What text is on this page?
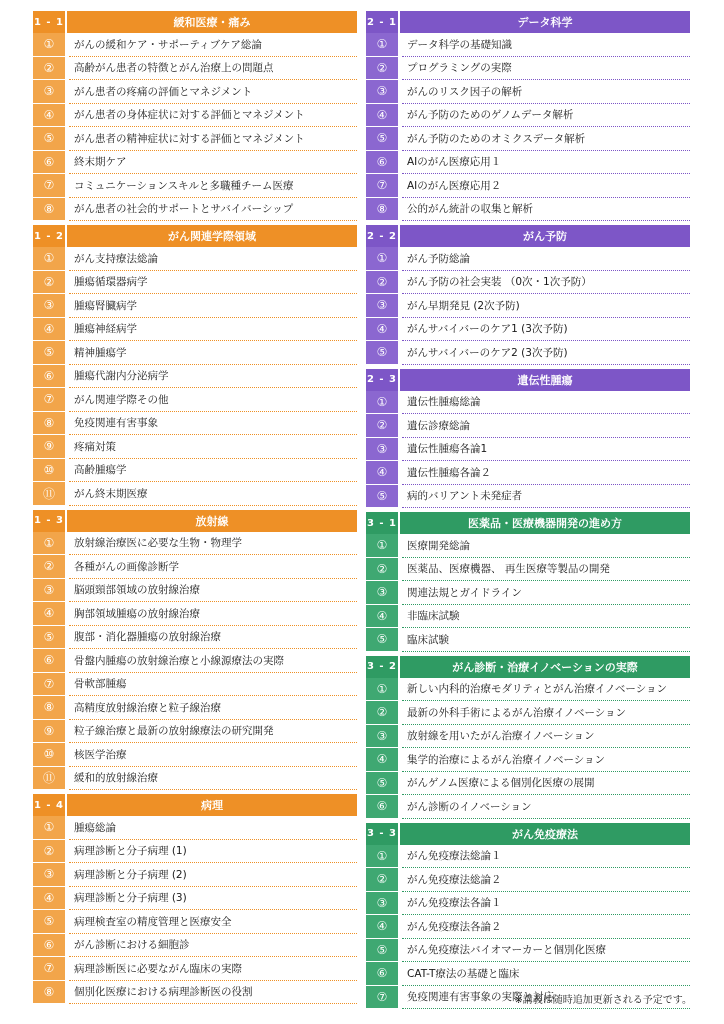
1 - 1	緩和医療・痛み
①	がんの緩和ケア・サポーティブケア総論
②	高齢がん患者の特徴とがん治療上の問題点
③	がん患者の疼痛の評価とマネジメント
④	がん患者の身体症状に対する評価とマネジメント
⑤	がん患者の精神症状に対する評価とマネジメント
⑥	終末期ケア
⑦	コミュニケーションスキルと多職種チーム医療
⑧	がん患者の社会的サポートとサバイバーシップ
1 - 2	がん関連学際領域
①	がん支持療法総論
②	腫瘍循環器病学
③	腫瘍腎臓病学
④	腫瘍神経病学
⑤	精神腫瘍学
⑥	腫瘍代謝内分泌病学
⑦	がん関連学際その他
⑧	免疫関連有害事象
⑨	疼痛対策
⑩	高齢腫瘍学
⑪	がん終末期医療
1 - 3	放射線
①	放射線治療医に必要な生物・物理学
②	各種がんの画像診断学
③	脳頭頸部領域の放射線治療
④	胸部領域腫瘍の放射線治療
⑤	腹部・消化器腫瘍の放射線治療
⑥	骨盤内腫瘍の放射線治療と小線源療法の実際
⑦	骨軟部腫瘍
⑧	高精度放射線治療と粒子線治療
⑨	粒子線治療と最新の放射線療法の研究開発
⑩	核医学治療
⑪	緩和的放射線治療
1 - 4	病理
①	腫瘍総論
②	病理診断と分子病理 (1)
③	病理診断と分子病理 (2)
④	病理診断と分子病理 (3)
⑤	病理検査室の精度管理と医療安全
⑥	がん診断における細胞診
⑦	病理診断医に必要ながん臨床の実際
⑧	個別化医療における病理診断医の役割
2 - 1	データ科学
①	データ科学の基礎知識
②	プログラミングの実際
③	がんのリスク因子の解析
④	がん予防のためのゲノムデータ解析
⑤	がん予防のためのオミクスデータ解析
⑥	AIのがん医療応用１
⑦	AIのがん医療応用２
⑧	公的がん統計の収集と解析
2 - 2	がん予防
①	がん予防総論
②	がん予防の社会実装 （0次・1次予防）
③	がん早期発見 (2次予防)
④	がんサバイバーのケア1 (3次予防)
⑤	がんサバイバーのケア2 (3次予防)
2 - 3	遺伝性腫瘍
①	遺伝性腫瘍総論
②	遺伝診療総論
③	遺伝性腫瘍各論1
④	遺伝性腫瘍各論２
⑤	病的バリアント未発症者
3 - 1	医薬品・医療機器開発の進め方
①	医療開発総論
②	医薬品、医療機器、 再生医療等製品の開発
③	関連法規とガイドライン
④	非臨床試験
⑤	臨床試験
3 - 2	がん診断・治療イノベーションの実際
①	新しい内科的治療モダリティとがん治療イノベーション
②	最新の外科手術によるがん治療イノベーション
③	放射線を用いたがん治療イノベーション
④	集学的治療によるがん治療イノベーション
⑤	がんゲノム医療による個別化医療の展開
⑥	がん診断のイノベーション
3 - 3	がん免疫療法
①	がん免疫療法総論１
②	がん免疫療法総論２
③	がん免疫療法各論１
④	がん免疫療法各論２
⑤	がん免疫療法バイオマーカーと個別化医療
⑥	CAT-T療法の基礎と臨床
⑦	免疫関連有害事象の実際と対応
※講義は随時追加更新される予定です。
